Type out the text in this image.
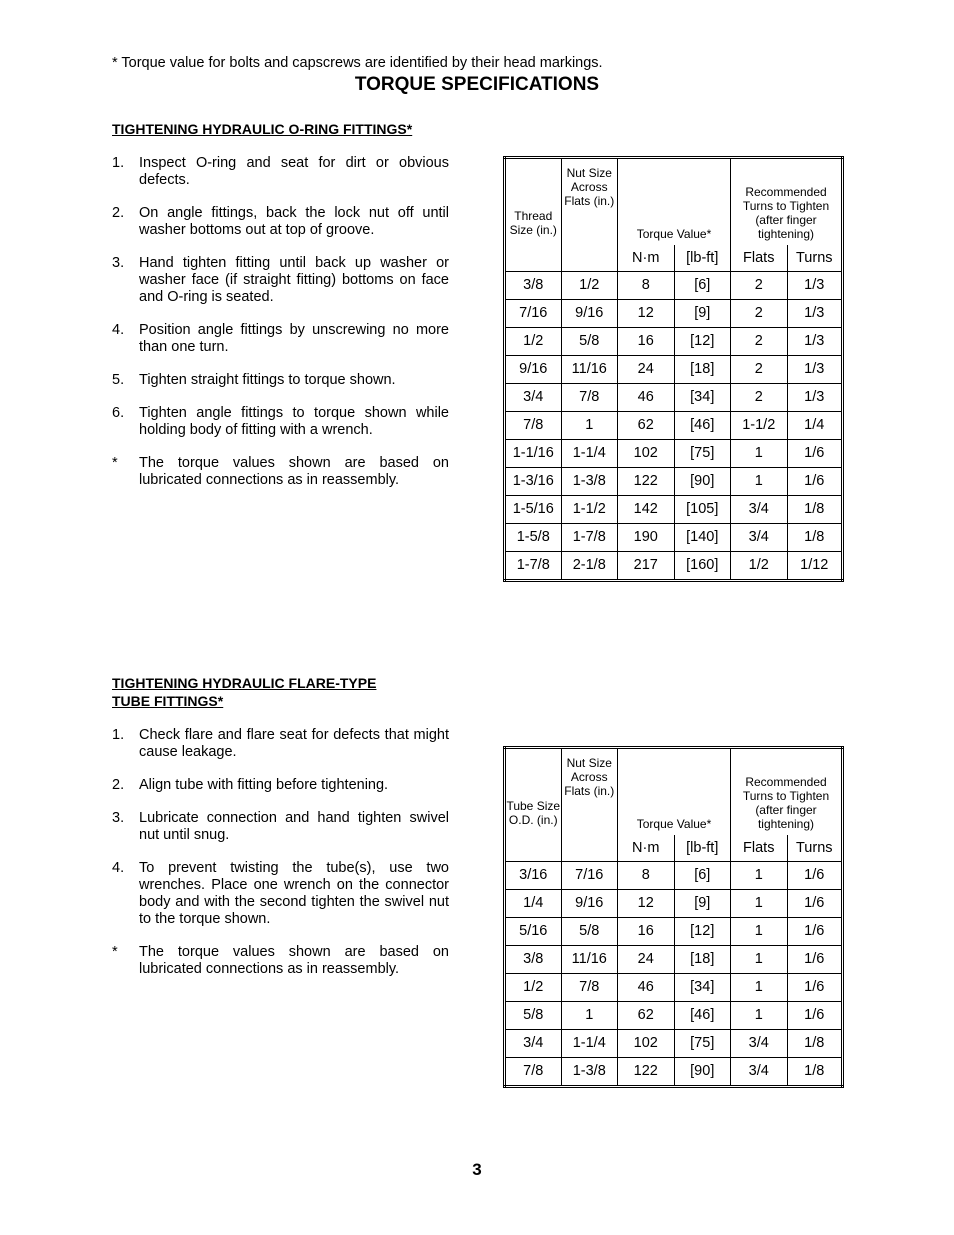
* Torque value for bolts and capscrews are identified by their head markings.
TORQUE SPECIFICATIONS
TIGHTENING HYDRAULIC O-RING FITTINGS*
1. Inspect O-ring and seat for dirt or obvious defects.
2. On angle fittings, back the lock nut off until washer bottoms out at top of groove.
3. Hand tighten fitting until back up washer or washer face (if straight fitting) bottoms on face and O-ring is seated.
4. Position angle fittings by unscrewing no more than one turn.
5. Tighten straight fittings to torque shown.
6. Tighten angle fittings to torque shown while holding body of fitting with a wrench.
* The torque values shown are based on lubricated connections as in reassembly.
Thread Size (in.)	Nut Size Across Flats (in.)	Torque Value*		Recommended Turns to Tighten (after finger tightening)	
		N·m	[lb-ft]	Flats	Turns
3/8	1/2	8	[6]	2	1/3
7/16	9/16	12	[9]	2	1/3
1/2	5/8	16	[12]	2	1/3
9/16	11/16	24	[18]	2	1/3
3/4	7/8	46	[34]	2	1/3
7/8	1	62	[46]	1-1/2	1/4
1-1/16	1-1/4	102	[75]	1	1/6
1-3/16	1-3/8	122	[90]	1	1/6
1-5/16	1-1/2	142	[105]	3/4	1/8
1-5/8	1-7/8	190	[140]	3/4	1/8
1-7/8	2-1/8	217	[160]	1/2	1/12
TIGHTENING HYDRAULIC FLARE-TYPE
TUBE FITTINGS*
1. Check flare and flare seat for defects that might cause leakage.
2. Align tube with fitting before tightening.
3. Lubricate connection and hand tighten swivel nut until snug.
4. To prevent twisting the tube(s), use two wrenches. Place one wrench on the connector body and with the second tighten the swivel nut to the torque shown.
* The torque values shown are based on lubricated connections as in reassembly.
Tube Size O.D. (in.)	Nut Size Across Flats (in.)	Torque Value*		Recommended Turns to Tighten (after finger tightening)	
		N·m	[lb-ft]	Flats	Turns
3/16	7/16	8	[6]	1	1/6
1/4	9/16	12	[9]	1	1/6
5/16	5/8	16	[12]	1	1/6
3/8	11/16	24	[18]	1	1/6
1/2	7/8	46	[34]	1	1/6
5/8	1	62	[46]	1	1/6
3/4	1-1/4	102	[75]	3/4	1/8
7/8	1-3/8	122	[90]	3/4	1/8
3
